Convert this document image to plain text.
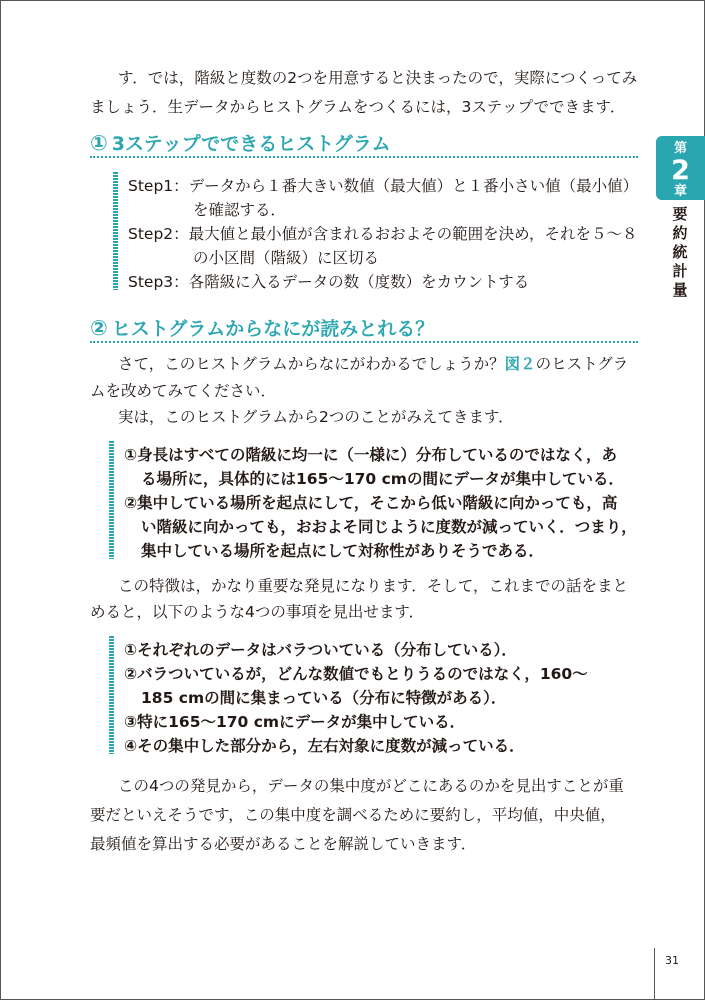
す．では，階級と度数の2つを用意すると決まったので，実際につくってみ
ましょう．生データからヒストグラムをつくるには，3ステップでできます．
① 3ステップでできるヒストグラム
Step1：データから１番大きい数値（最大値）と１番小さい値（最小値）
を確認する．
Step2：最大値と最小値が含まれるおおよその範囲を決め，それを５～８
の小区間（階級）に区切る
Step3：各階級に入るデータの数（度数）をカウントする
② ヒストグラムからなにが読みとれる？
さて，このヒストグラムからなにがわかるでしょうか？図２のヒストグラ
ムを改めてみてください．
実は，このヒストグラムから2つのことがみえてきます．
①身長はすべての階級に均一に（一様に）分布しているのではなく，あ
る場所に，具体的には165～170 cmの間にデータが集中している．
②集中している場所を起点にして，そこから低い階級に向かっても，高
い階級に向かっても，おおよそ同じように度数が減っていく．つまり，
集中している場所を起点にして対称性がありそうである．
この特徴は，かなり重要な発見になります．そして，これまでの話をまと
めると，以下のような4つの事項を見出せます．
①それぞれのデータはバラついている（分布している）．
②バラついているが，どんな数値でもとりうるのではなく，160～
185 cmの間に集まっている（分布に特徴がある）．
③特に165～170 cmにデータが集中している．
④その集中した部分から，左右対象に度数が減っている．
この4つの発見から，データの集中度がどこにあるのかを見出すことが重
要だといえそうです，この集中度を調べるために要約し，平均値，中央値，
最頻値を算出する必要があることを解説していきます．
第
2
章
要約統計量
31
